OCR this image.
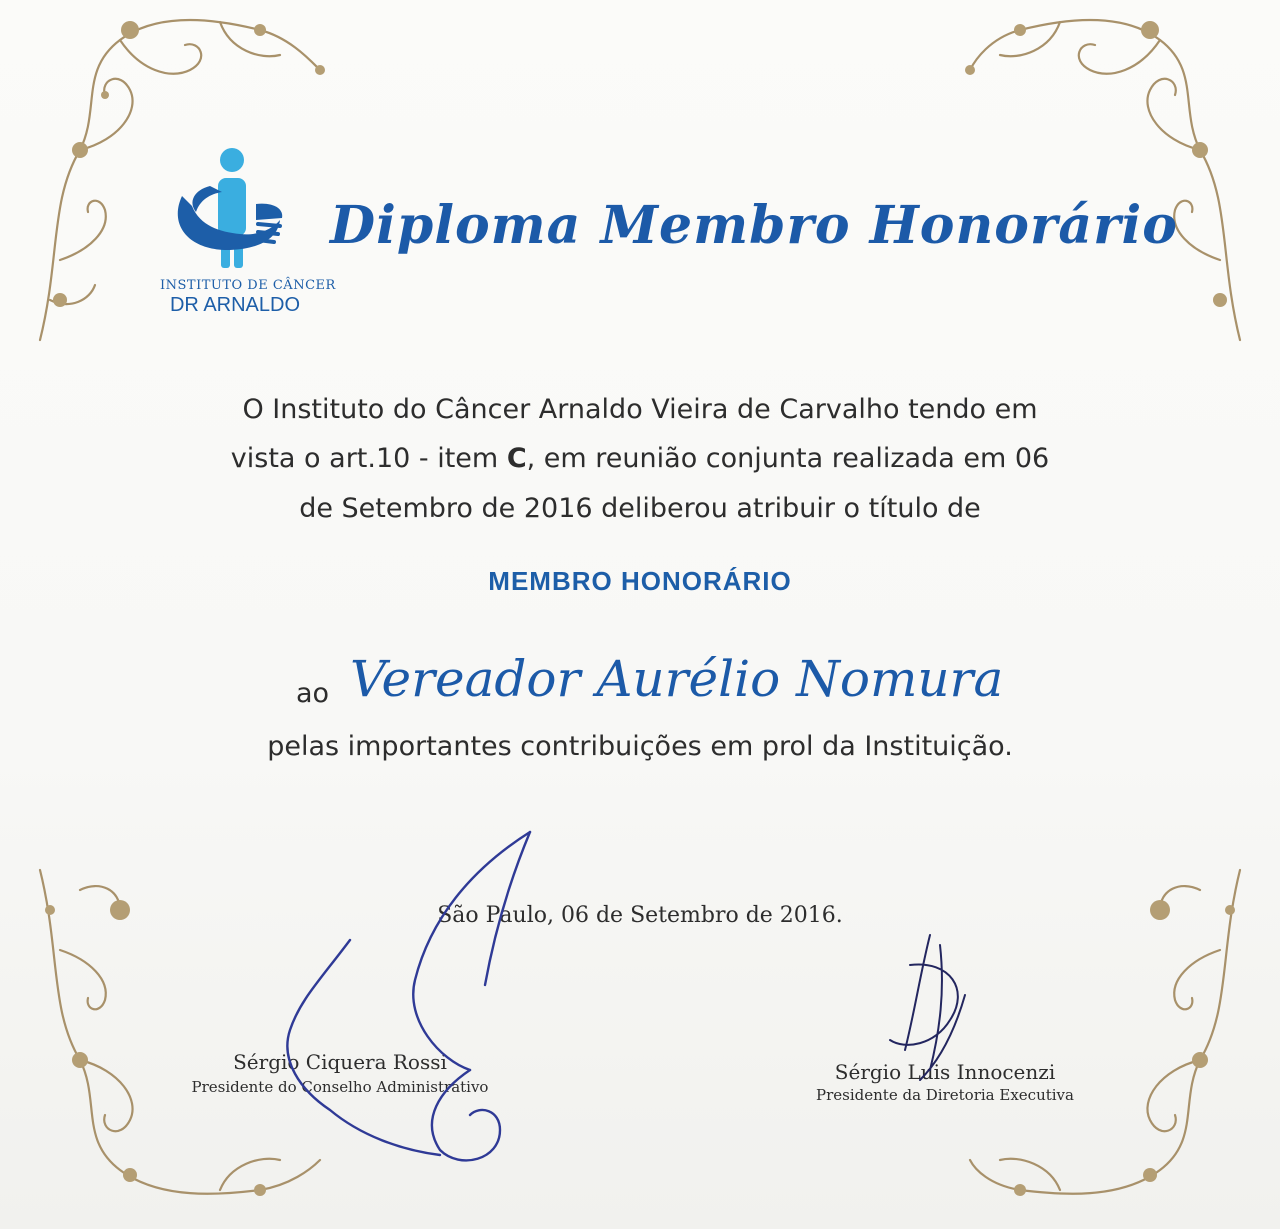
INSTITUTO DE CÂNCER
DR ARNALDO
Diploma Membro Honorário
O Instituto do Câncer Arnaldo Vieira de Carvalho tendo em
vista o art.10 - item C, em reunião conjunta realizada em 06
de Setembro de 2016 deliberou atribuir o título de
MEMBRO HONORÁRIO
ao Vereador Aurélio Nomura
pelas importantes contribuições em prol da Instituição.
São Paulo, 06 de Setembro de 2016.
Sérgio Ciquera Rossi
Presidente do Conselho Administrativo
Sérgio Luis Innocenzi
Presidente da Diretoria Executiva
